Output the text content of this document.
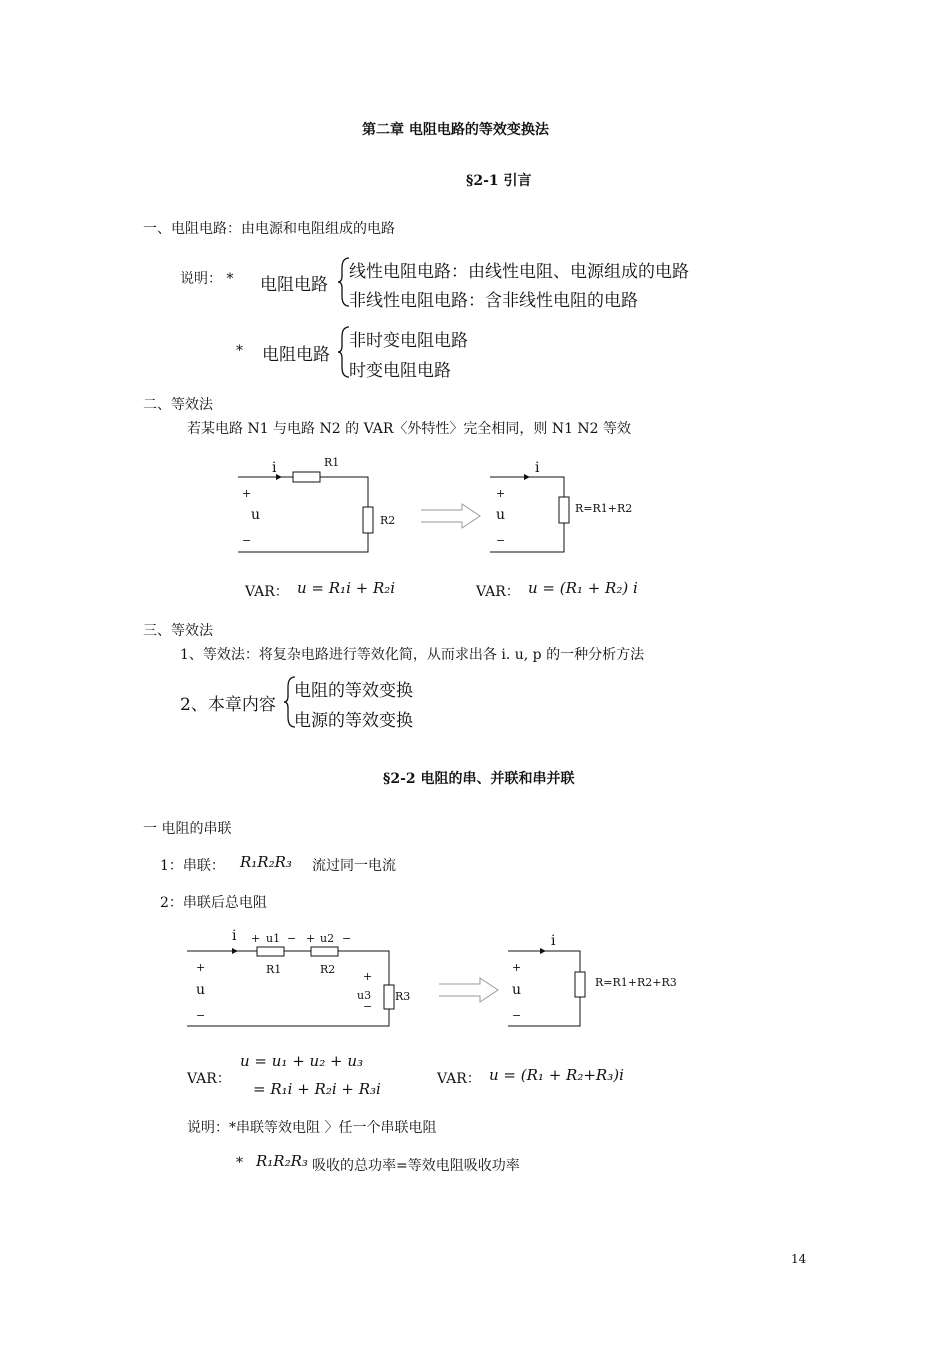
第二章 电阻电路的等效变换法
§2-1 引言
一、电阻电路：由电源和电阻组成的电路
说明： * 电阻电路
线性电阻电路：由线性电阻、电源组成的电路
非线性电阻电路：含非线性电阻的电路
* 电阻电路
非时变电阻电路
时变电阻电路
二、等效法
若某电路 N1 与电路 N2 的 VAR〈外特性〉完全相同，则 N1 N2 等效
i	R1
+
u
−
R2
i
+
u
−
R=R1+R2
VAR： u = R₁i + R₂i	VAR： u = (R₁ + R₂) i
三、等效法
1、等效法：将复杂电路进行等效化简，从而求出各 i. u, p 的一种分析方法
2、本章内容
电阻的等效变换
电源的等效变换
§2-2 电阻的串、并联和串并联
一 电阻的串联
1：串联： R₁R₂R₃ 流过同一电流
2：串联后总电阻
i + u1 − + u2 −
R1	R2
+
u
−
+
u3
−
R3
i
+
u
−
R=R1+R2+R3
VAR：
u = u₁ + u₂ + u₃
= R₁i + R₂i + R₃i
VAR： u = (R₁ + R₂+R₃)i
说明：*串联等效电阻 〉任一个串联电阻
* R₁R₂R₃ 吸收的总功率=等效电阻吸收功率
14
